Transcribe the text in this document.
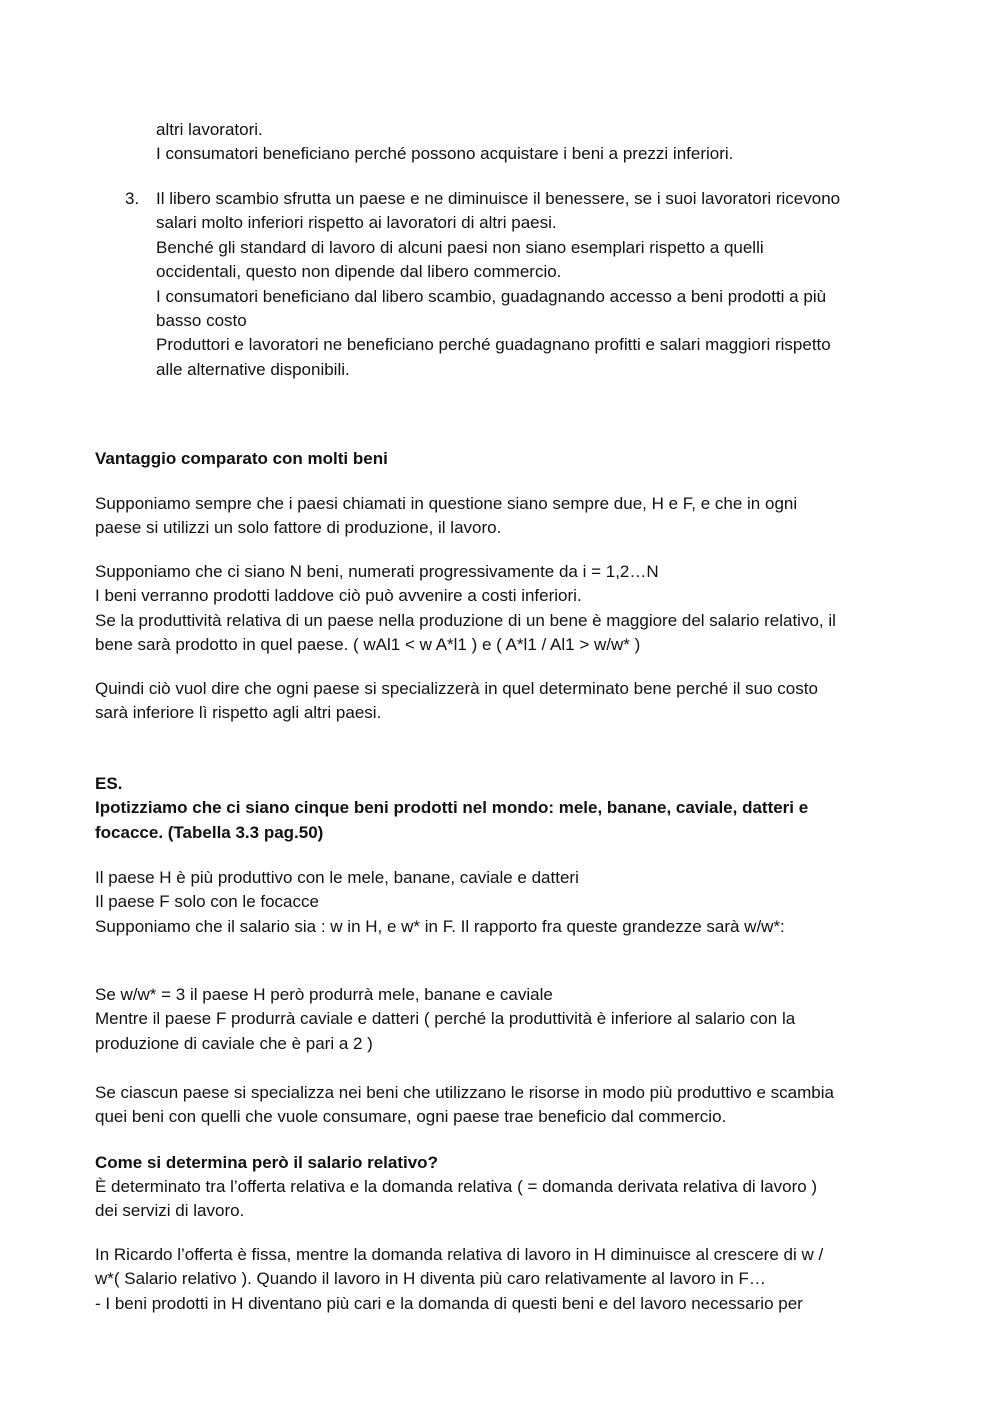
altri lavoratori.
I consumatori beneficiano perché possono acquistare i beni a prezzi inferiori.
3. Il libero scambio sfrutta un paese e ne diminuisce il benessere, se i suoi lavoratori ricevono
salari molto inferiori rispetto ai lavoratori di altri paesi.
Benché gli standard di lavoro di alcuni paesi non siano esemplari rispetto a quelli
occidentali, questo non dipende dal libero commercio.
I consumatori beneficiano dal libero scambio, guadagnando accesso a beni prodotti a più
basso costo
Produttori e lavoratori ne beneficiano perché guadagnano profitti e salari maggiori rispetto
alle alternative disponibili.
Vantaggio comparato con molti beni
Supponiamo sempre che i paesi chiamati in questione siano sempre due, H e F, e che in ogni
paese si utilizzi un solo fattore di produzione, il lavoro.
Supponiamo che ci siano N beni, numerati progressivamente da i = 1,2…N
I beni verranno prodotti laddove ciò può avvenire a costi inferiori.
Se la produttività relativa di un paese nella produzione di un bene è maggiore del salario relativo, il
bene sarà prodotto in quel paese. ( wAl1 < w A*l1 ) e ( A*l1 / Al1 > w/w* )
Quindi ciò vuol dire che ogni paese si specializzerà in quel determinato bene perché il suo costo
sarà inferiore lì rispetto agli altri paesi.
ES.
Ipotizziamo che ci siano cinque beni prodotti nel mondo: mele, banane, caviale, datteri e
focacce. (Tabella 3.3 pag.50)
Il paese H è più produttivo con le mele, banane, caviale e datteri
Il paese F solo con le focacce
Supponiamo che il salario sia : w in H, e w* in F. Il rapporto fra queste grandezze sarà w/w*:
Se w/w* = 3 il paese H però produrrà mele, banane e caviale
Mentre il paese F produrrà caviale e datteri ( perché la produttività è inferiore al salario con la
produzione di caviale che è pari a 2 )
Se ciascun paese si specializza nei beni che utilizzano le risorse in modo più produttivo e scambia
quei beni con quelli che vuole consumare, ogni paese trae beneficio dal commercio.
Come si determina però il salario relativo?
È determinato tra l’offerta relativa e la domanda relativa ( = domanda derivata relativa di lavoro )
dei servizi di lavoro.
In Ricardo l’offerta è fissa, mentre la domanda relativa di lavoro in H diminuisce al crescere di w /
w*( Salario relativo ). Quando il lavoro in H diventa più caro relativamente al lavoro in F…
- I beni prodotti in H diventano più cari e la domanda di questi beni e del lavoro necessario per
